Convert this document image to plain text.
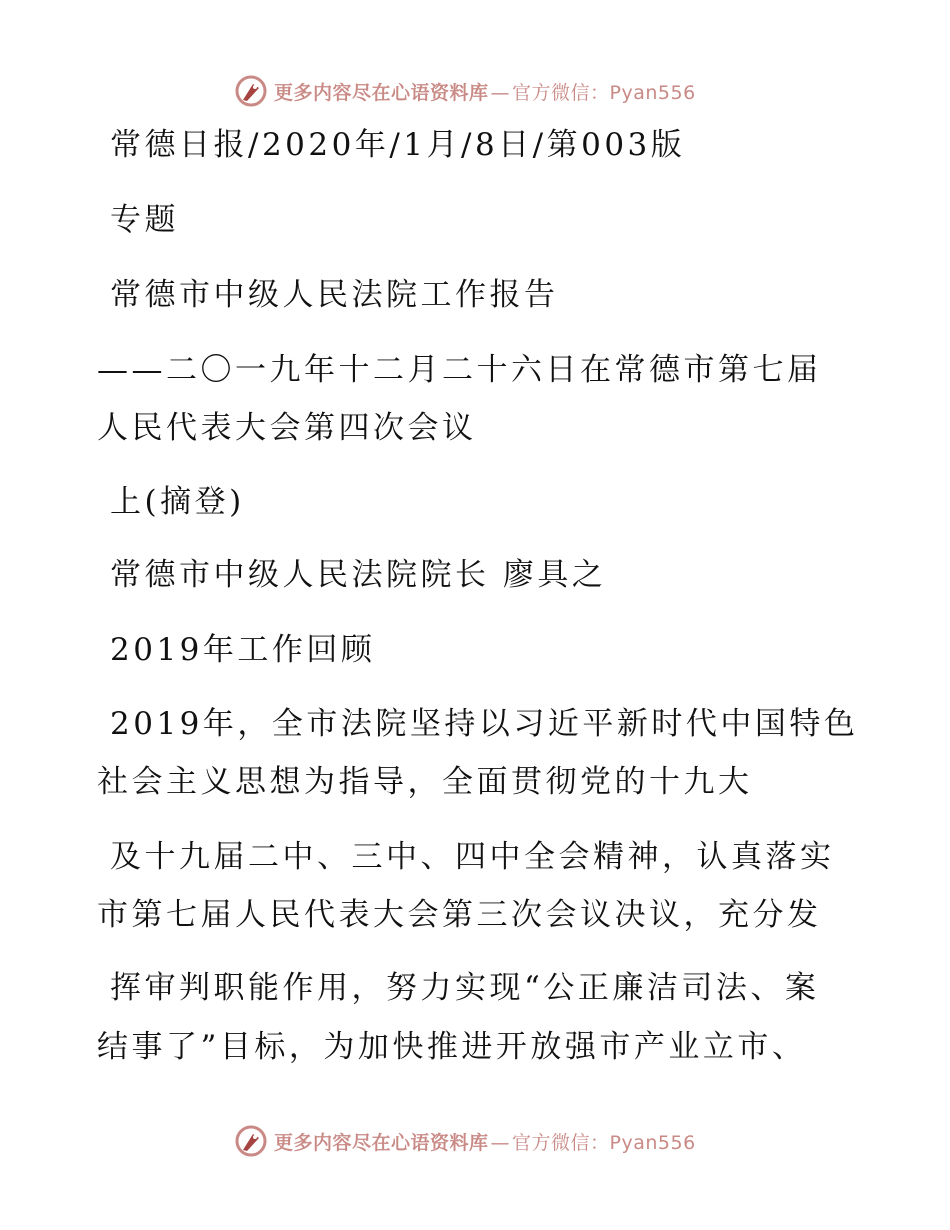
更多内容尽在心语资料库 — 官方微信：Pyan556
常德日报/2020年/1月/8日/第003版
专题
常德市中级人民法院工作报告
——二〇一九年十二月二十六日在常德市第七届
人民代表大会第四次会议
上(摘登)
常德市中级人民法院院长 廖具之
2019年工作回顾
2019年，全市法院坚持以习近平新时代中国特色
社会主义思想为指导，全面贯彻党的十九大
及十九届二中、三中、四中全会精神，认真落实
市第七届人民代表大会第三次会议决议，充分发
挥审判职能作用，努力实现“公正廉洁司法、案
结事了”目标，为加快推进开放强市产业立市、
更多内容尽在心语资料库 — 官方微信：Pyan556
